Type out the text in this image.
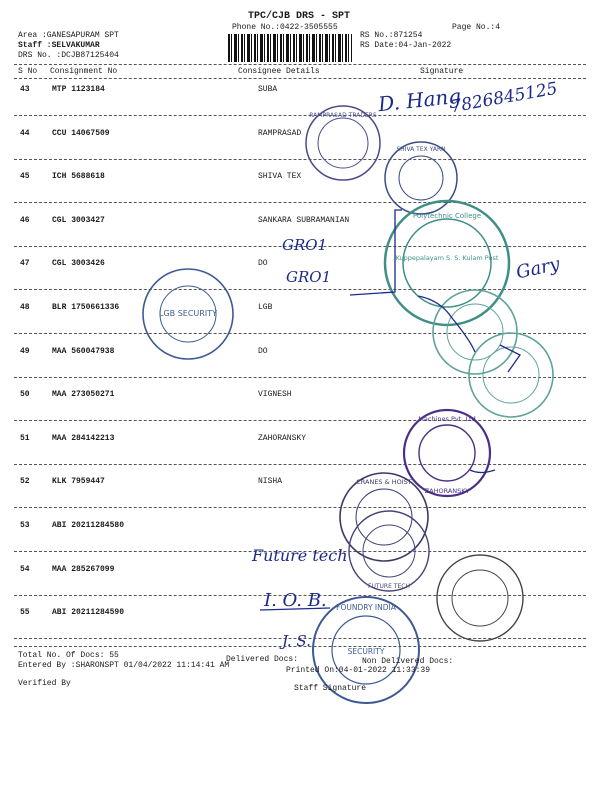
TPC/CJB DRS - SPT
Phone No.:0422-3505555	Page No.:4
Area :GANESAPURAM SPT
Staff :SELVAKUMAR
DRS No. :DCJB87125404
RS No.:871254
RS Date:04-Jan-2022
S No Consignment No	Consignee Details	Signature
43	MTP 1123184	SUBA
44	CCU 14067509	RAMPRASAD
45	ICH 5688618	SHIVA TEX
46	CGL 3003427	SANKARA SUBRAMANIAN
47	CGL 3003426	DO
48	BLR 1750661336	LGB
49	MAA 560047938	DO
50	MAA 273050271	VIGNESH
51	MAA 284142213	ZAHORANSKY
52	KLK 7959447	NISHA
53	ABI 20211284580
54	MAA 285267099
55	ABI 20211284590
RAMPRASAD TRADERS
SHIVA TEX YARN
Kuppepalayam S. S. Kulam Post
Polytechnic College
LGB SECURITY
Machines Pvt. Ltd
ZAHORANSKY
CRANES & HOIST
FUTURE TECH
FOUNDRY INDIA
SECURITY
D. Hang
7826845125
GRO1
GRO1	Gary
Future tech
I. O. B.
J. S.
Total No. Of Docs: 55	Delivered Docs:	Non Delivered Docs:
Entered By :SHARONSPT 01/04/2022 11:14:41 AM
Printed On:04-01-2022 11:33:39
Verified By
Staff Signature
